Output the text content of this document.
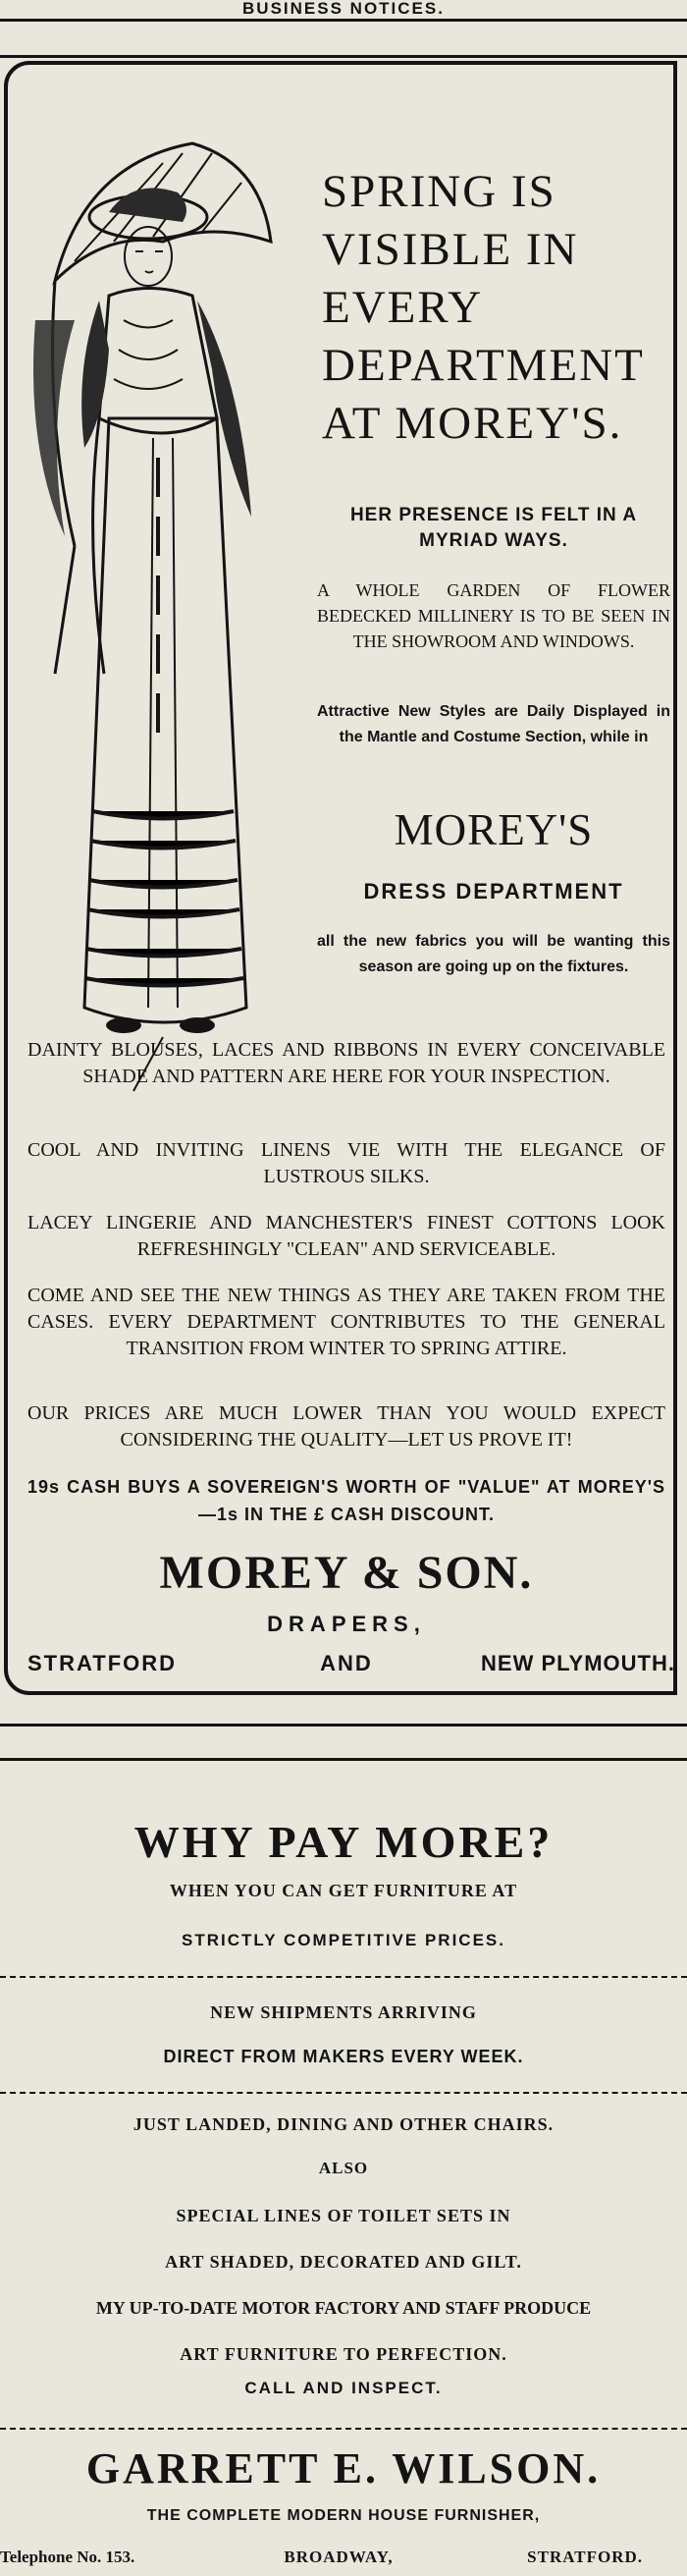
BUSINESS NOTICES.
SPRING IS
VISIBLE IN
EVERY
DEPARTMENT
AT MOREY'S.
HER PRESENCE IS FELT IN A MYRIAD WAYS.
A WHOLE GARDEN OF FLOWER BEDECKED MILLINERY IS TO BE SEEN IN THE SHOWROOM AND WINDOWS.
Attractive New Styles are Daily Displayed in the Mantle and Costume Section, while in
MOREY'S
DRESS DEPARTMENT
all the new fabrics you will be wanting this season are going up on the fixtures.
DAINTY BLOUSES, LACES AND RIBBONS IN EVERY CONCEIVABLE SHADE AND PATTERN ARE HERE FOR YOUR INSPECTION.
COOL AND INVITING LINENS VIE WITH THE ELEGANCE OF LUSTROUS SILKS.
LACEY LINGERIE AND MANCHESTER'S FINEST COTTONS LOOK REFRESHINGLY "CLEAN" AND SERVICEABLE.
COME AND SEE THE NEW THINGS AS THEY ARE TAKEN FROM THE CASES. EVERY DEPARTMENT CONTRIBUTES TO THE GENERAL TRANSITION FROM WINTER TO SPRING ATTIRE.
OUR PRICES ARE MUCH LOWER THAN YOU WOULD EXPECT CONSIDERING THE QUALITY—LET US PROVE IT!
19s CASH BUYS A SOVEREIGN'S WORTH OF "VALUE" AT MOREY'S—1s IN THE £ CASH DISCOUNT.
MOREY & SON.
DRAPERS,
STRATFORD	AND	NEW PLYMOUTH.
WHY PAY MORE?
WHEN YOU CAN GET FURNITURE AT
STRICTLY COMPETITIVE PRICES.
NEW SHIPMENTS ARRIVING
DIRECT FROM MAKERS EVERY WEEK.
JUST LANDED, DINING AND OTHER CHAIRS.
ALSO
SPECIAL LINES OF TOILET SETS IN
ART SHADED, DECORATED AND GILT.
MY UP-TO-DATE MOTOR FACTORY AND STAFF PRODUCE
ART FURNITURE TO PERFECTION.
CALL AND INSPECT.
GARRETT E. WILSON.
THE COMPLETE MODERN HOUSE FURNISHER,
Telephone No. 153.	BROADWAY,	STRATFORD.
